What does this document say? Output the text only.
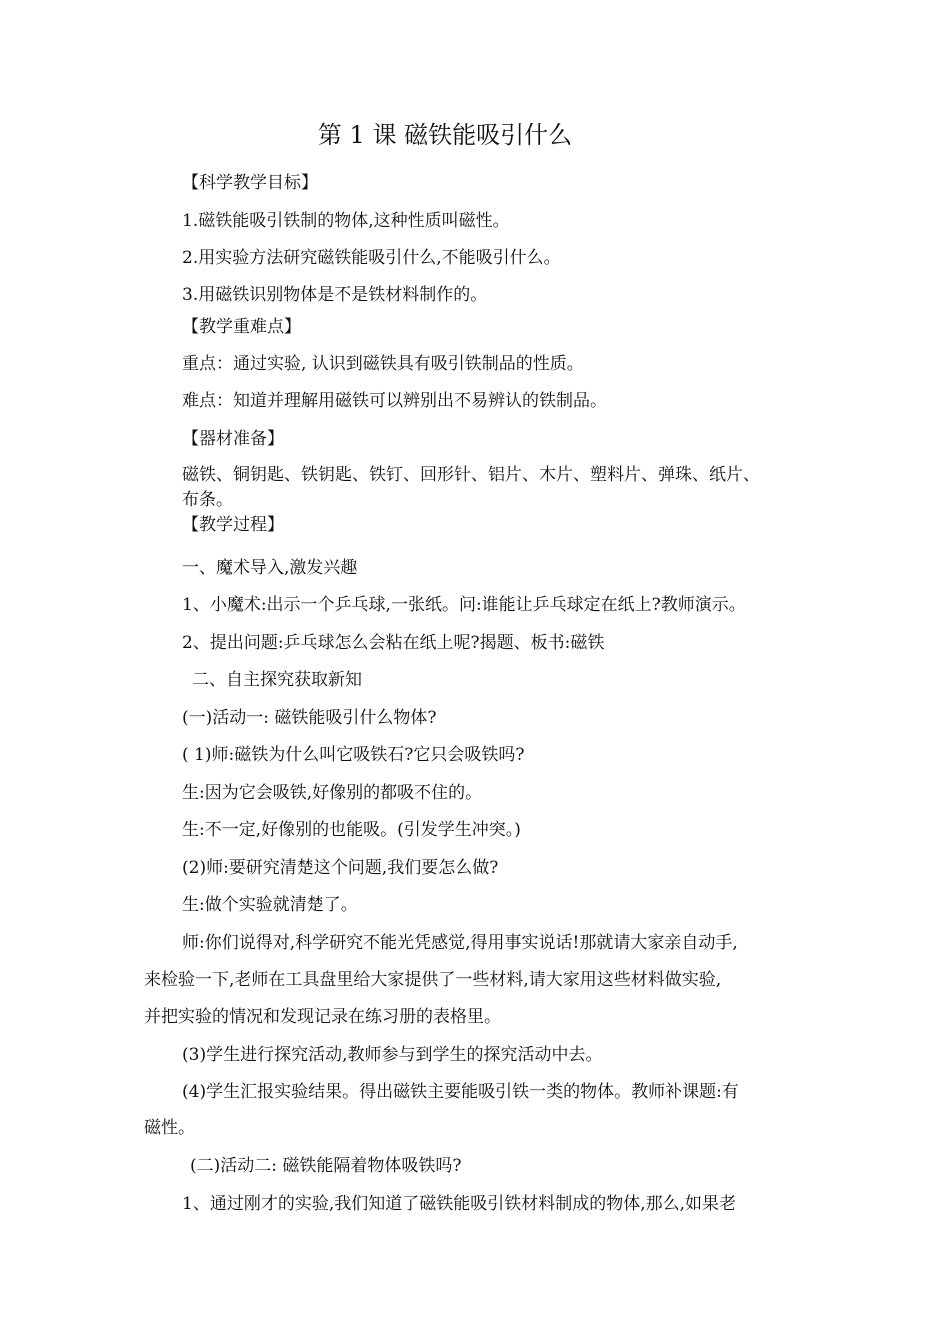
第 1 课 磁铁能吸引什么
【科学教学目标】
1.磁铁能吸引铁制的物体,这种性质叫磁性。
2.用实验方法研究磁铁能吸引什么,不能吸引什么。
3.用磁铁识别物体是不是铁材料制作的。
【教学重难点】
重点：通过实验, 认识到磁铁具有吸引铁制品的性质。
难点：知道并理解用磁铁可以辨别出不易辨认的铁制品。
【器材准备】
磁铁、铜钥匙、铁钥匙、铁钉、回形针、铝片、木片、塑料片、弹珠、纸片、
布条。
【教学过程】
一、魔术导入,激发兴趣
1、小魔术:出示一个乒乓球,一张纸。问:谁能让乒乓球定在纸上?教师演示。
2、提出问题:乒乓球怎么会粘在纸上呢?揭题、板书:磁铁
二、自主探究获取新知
(一)活动一: 磁铁能吸引什么物体?
( 1)师:磁铁为什么叫它吸铁石?它只会吸铁吗?
生:因为它会吸铁,好像别的都吸不住的。
生:不一定,好像别的也能吸。(引发学生冲突。)
(2)师:要研究清楚这个问题,我们要怎么做?
生:做个实验就清楚了。
师:你们说得对,科学研究不能光凭感觉,得用事实说话!那就请大家亲自动手,
来检验一下,老师在工具盘里给大家提供了一些材料,请大家用这些材料做实验,
并把实验的情况和发现记录在练习册的表格里。
(3)学生进行探究活动,教师参与到学生的探究活动中去。
(4)学生汇报实验结果。得出磁铁主要能吸引铁一类的物体。教师补课题:有
磁性。
(二)活动二: 磁铁能隔着物体吸铁吗?
1、通过刚才的实验,我们知道了磁铁能吸引铁材料制成的物体,那么,如果老
